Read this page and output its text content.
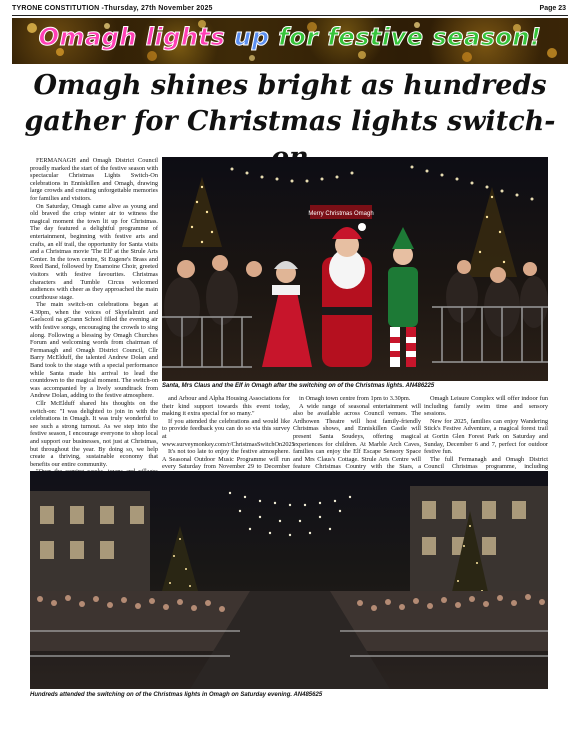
TYRONE CONSTITUTION -Thursday, 27th November 2025	Page 23
Omagh lights up for festive season!
Omagh shines bright as hundreds gather for Christmas lights switch-

FERMANAGH and Omagh District Council proudly marked the start of the festive season with spectacular Christmas Lights Switch-On celebrations in Enniskillen and Omagh, drawing large crowds and creating unforgettable memories for families and visitors.

On Saturday, Omagh came alive as young and old braved the crisp winter air to witness the magical moment the town lit up for Christmas. The day featured a delightful programme of entertainment, beginning with festive arts and crafts, an elf trail, the opportunity for Santa visits and a Christmas movie 'The Elf' at the Strule Arts Center. In the town centre, St Eugene's Brass and Reed Band, followed by Enamoine Choir, greeted visitors with festive favourites. Christmas characters and Tumble Circus welcomed audiences with cheer as they approached the main courthouse stage.

The main switch-on celebrations began at 4.30pm, when the voices of Skyefalmiri and Gaelscoil na gCrann School filled the evening air with festive songs, encouraging the crowds to sing along. Following a blessing by Omagh Churches Forum and welcoming words from chairman of Fermanagh and Omagh District Council, Cllr Barry McElduff, the talented Andrew Dolan and Band took to the stage with a special performance while Santa made his arrival to lead the countdown to the magical moment. The switch-on was accompanied by a lively soundtrack from Andrew Dolan, adding to the festive atmosphere.

Cllr McElduff shared his thoughts on the switch-on: "I was delighted to join in with the celebrations in Omagh. It was truly wonderful to see such a strong turnout. As we step into the festive season, I encourage everyone to shop local and support our businesses, not just at Christmas, but throughout the year. By doing so, we help create a thriving, sustainable economy that benefits our entire community.

Merry Christmas Omagh
Santa, Mrs Claus and the Elf in Omagh after the switching on of the Christmas lights. AN486225

and Arbour and Alpha Housing Associations for their kind support towards this event today, making it extra special for so many."

If you attended the celebrations and would like to provide feedback you can do so via this survey at www.surveymonkey.com/r/ChristmasSwitchOn2025

It's not too late to enjoy the festive atmosphere. A Seasonal Outdoor Music Programme will run every Saturday from November 29 to December

in Omagh town centre from 1pm to 3.30pm.

A wide range of seasonal entertainment will also be available across Council venues. The Ardhowen Theatre will host family-friendly Christmas shows, and Enniskillen Castle will present Santa Soudeys, offering magical experiences for children. At Marble Arch Caves, families can enjoy the Elf Escape Sensory Space and Mrs Claus's Cottage. Strule Arts Centre will feature Christmas Country with the Stars, a

Omagh Leisure Complex will offer indoor fun including family swim time and sensory sessions.

New for 2025, families can enjoy Wandering Stick's Festive Adventure, a magical forest trail at Gortin Glen Forest Park on Saturday and Sunday, December 6 and 7, perfect for outdoor festive fun.

The full Fermanagh and Omagh District Council Christmas programme, including

Hundreds attended the switching on of the Christmas lights in Omagh on Saturday evening. AN485625
